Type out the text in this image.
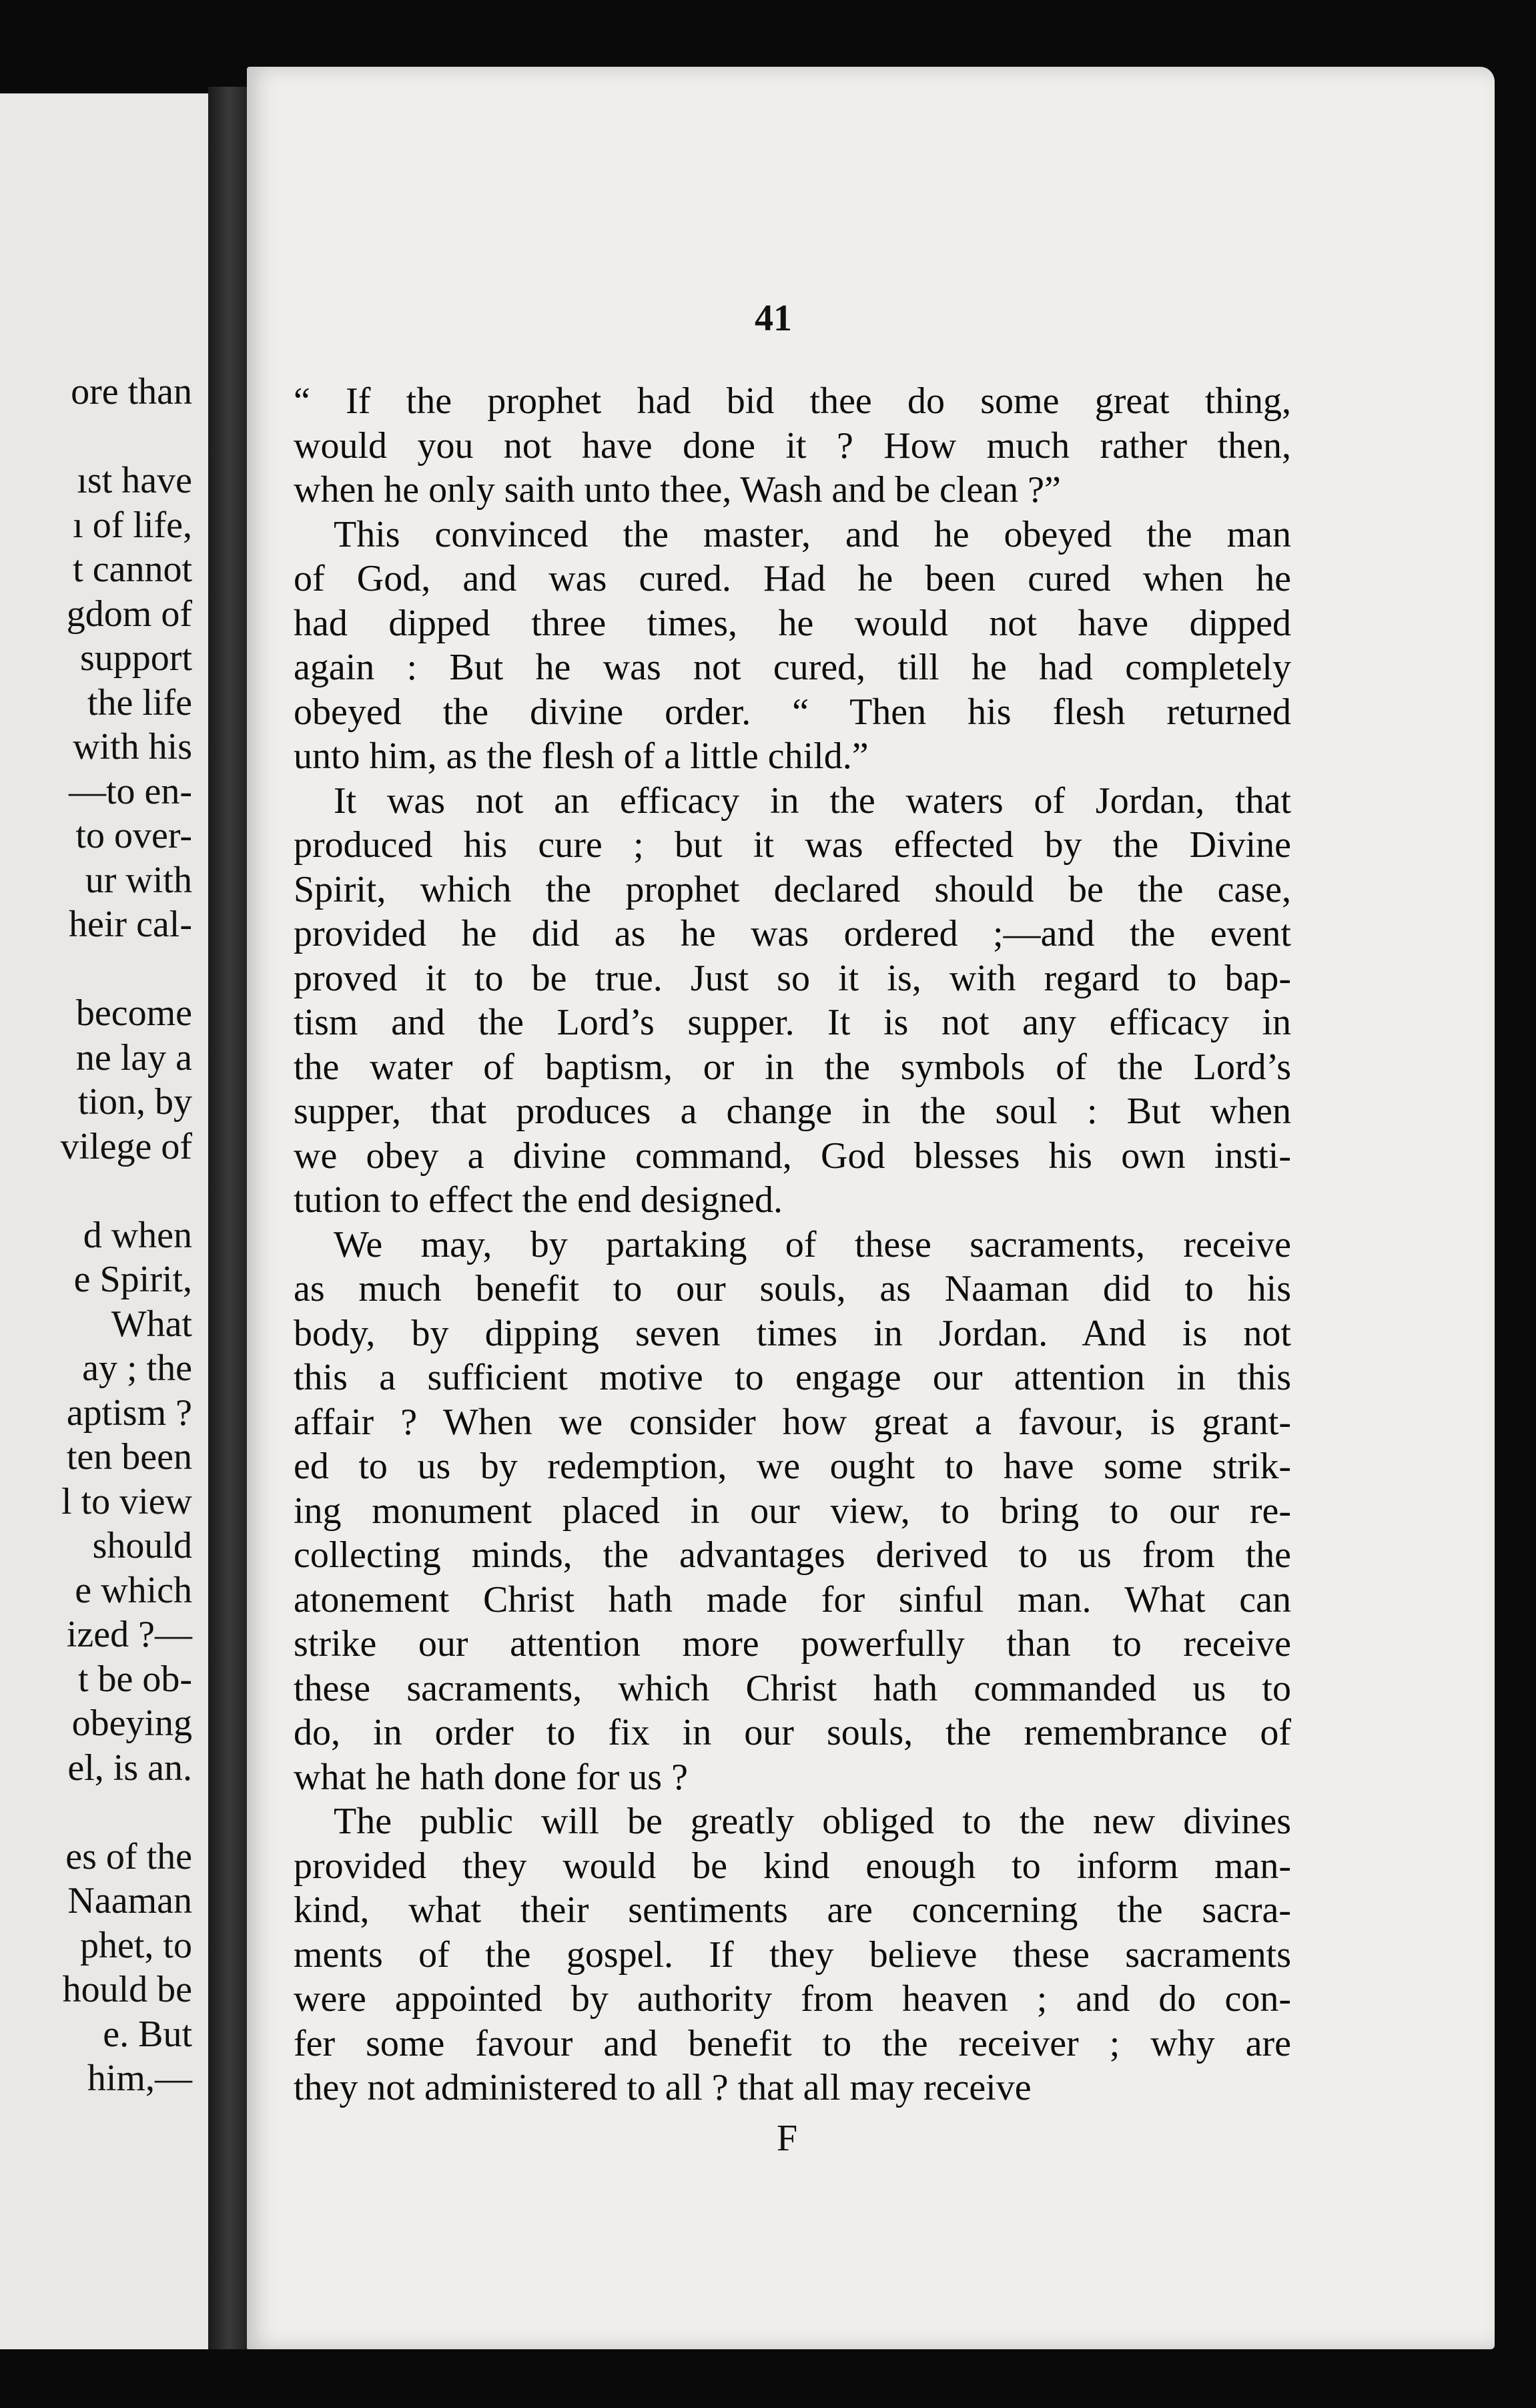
ore than
ıst have
ı of life,
t cannot
gdom of
support
the life
with his
—to en-
to over-
ur with
heir cal-
become
ne lay a
tion, by
vilege of
d when
e Spirit,
What
ay ; the
aptism ?
ten been
l to view
should
e which
ized ?—
t be ob-
obeying
el, is an.
es of the
Naaman
phet, to
hould be
e. But
him,—
41
“ If the prophet had bid thee do some great thing,
would you not have done it ? How much rather then,
when he only saith unto thee, Wash and be clean ?”
This convinced the master, and he obeyed the man
of God, and was cured. Had he been cured when he
had dipped three times, he would not have dipped
again : But he was not cured, till he had completely
obeyed the divine order. “ Then his flesh returned
unto him, as the flesh of a little child.”
It was not an efficacy in the waters of Jordan, that
produced his cure ; but it was effected by the Divine
Spirit, which the prophet declared should be the case,
provided he did as he was ordered ;—and the event
proved it to be true. Just so it is, with regard to bap-
tism and the Lord’s supper. It is not any efficacy in
the water of baptism, or in the symbols of the Lord’s
supper, that produces a change in the soul : But when
we obey a divine command, God blesses his own insti-
tution to effect the end designed.
We may, by partaking of these sacraments, receive
as much benefit to our souls, as Naaman did to his
body, by dipping seven times in Jordan. And is not
this a sufficient motive to engage our attention in this
affair ? When we consider how great a favour, is grant-
ed to us by redemption, we ought to have some strik-
ing monument placed in our view, to bring to our re-
collecting minds, the advantages derived to us from the
atonement Christ hath made for sinful man. What can
strike our attention more powerfully than to receive
these sacraments, which Christ hath commanded us to
do, in order to fix in our souls, the remembrance of
what he hath done for us ?
The public will be greatly obliged to the new divines
provided they would be kind enough to inform man-
kind, what their sentiments are concerning the sacra-
ments of the gospel. If they believe these sacraments
were appointed by authority from heaven ; and do con-
fer some favour and benefit to the receiver ; why are
they not administered to all ? that all may receive
F
